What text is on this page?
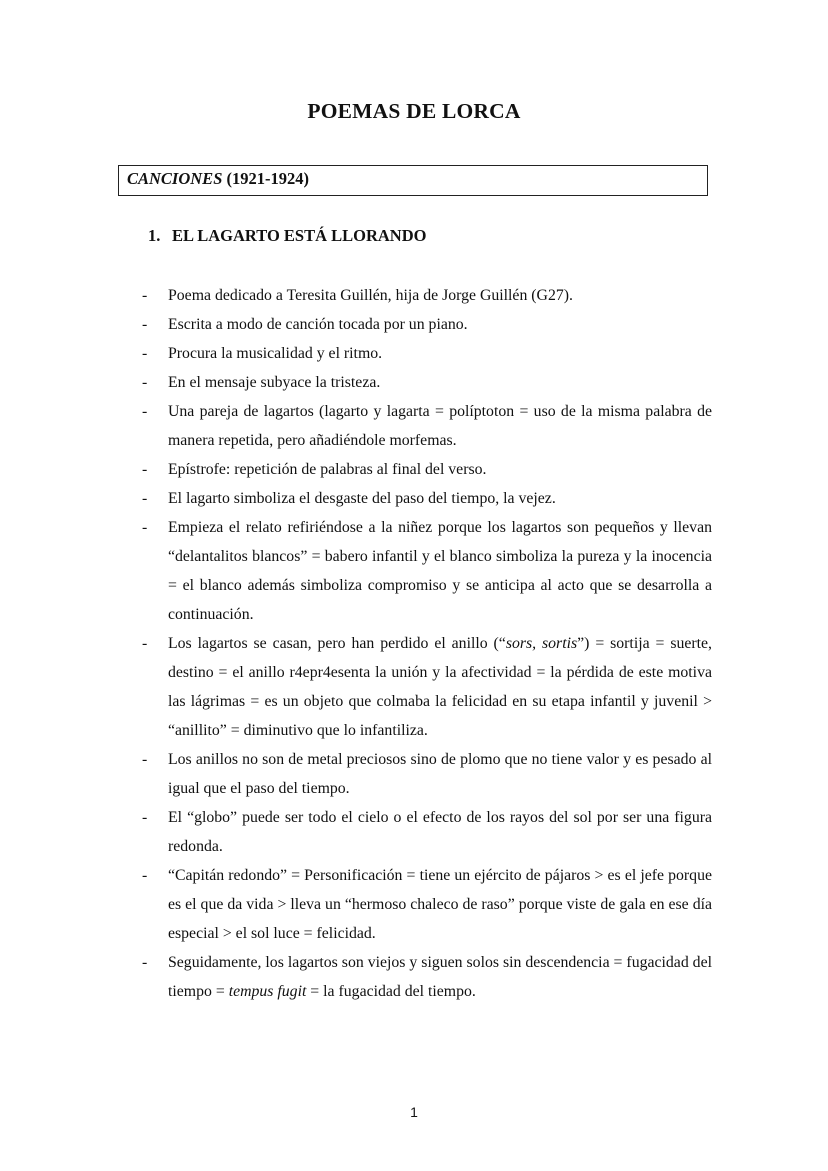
POEMAS DE LORCA
CANCIONES (1921-1924)
1. EL LAGARTO ESTÁ LLORANDO
- Poema dedicado a Teresita Guillén, hija de Jorge Guillén (G27).
- Escrita a modo de canción tocada por un piano.
- Procura la musicalidad y el ritmo.
- En el mensaje subyace la tristeza.
- Una pareja de lagartos (lagarto y lagarta = políptoton = uso de la misma palabra de manera repetida, pero añadiéndole morfemas.
- Epístrofe: repetición de palabras al final del verso.
- El lagarto simboliza el desgaste del paso del tiempo, la vejez.
- Empieza el relato refiriéndose a la niñez porque los lagartos son pequeños y llevan “delantalitos blancos” = babero infantil y el blanco simboliza la pureza y la inocencia = el blanco además simboliza compromiso y se anticipa al acto que se desarrolla a continuación.
- Los lagartos se casan, pero han perdido el anillo (“sors, sortis”) = sortija = suerte, destino = el anillo r4epr4esenta la unión y la afectividad = la pérdida de este motiva las lágrimas = es un objeto que colmaba la felicidad en su etapa infantil y juvenil > “anillito” = diminutivo que lo infantiliza.
- Los anillos no son de metal preciosos sino de plomo que no tiene valor y es pesado al igual que el paso del tiempo.
- El “globo” puede ser todo el cielo o el efecto de los rayos del sol por ser una figura redonda.
- “Capitán redondo” = Personificación = tiene un ejército de pájaros > es el jefe porque es el que da vida > lleva un “hermoso chaleco de raso” porque viste de gala en ese día especial > el sol luce = felicidad.
- Seguidamente, los lagartos son viejos y siguen solos sin descendencia = fugacidad del tiempo = tempus fugit = la fugacidad del tiempo.
1
